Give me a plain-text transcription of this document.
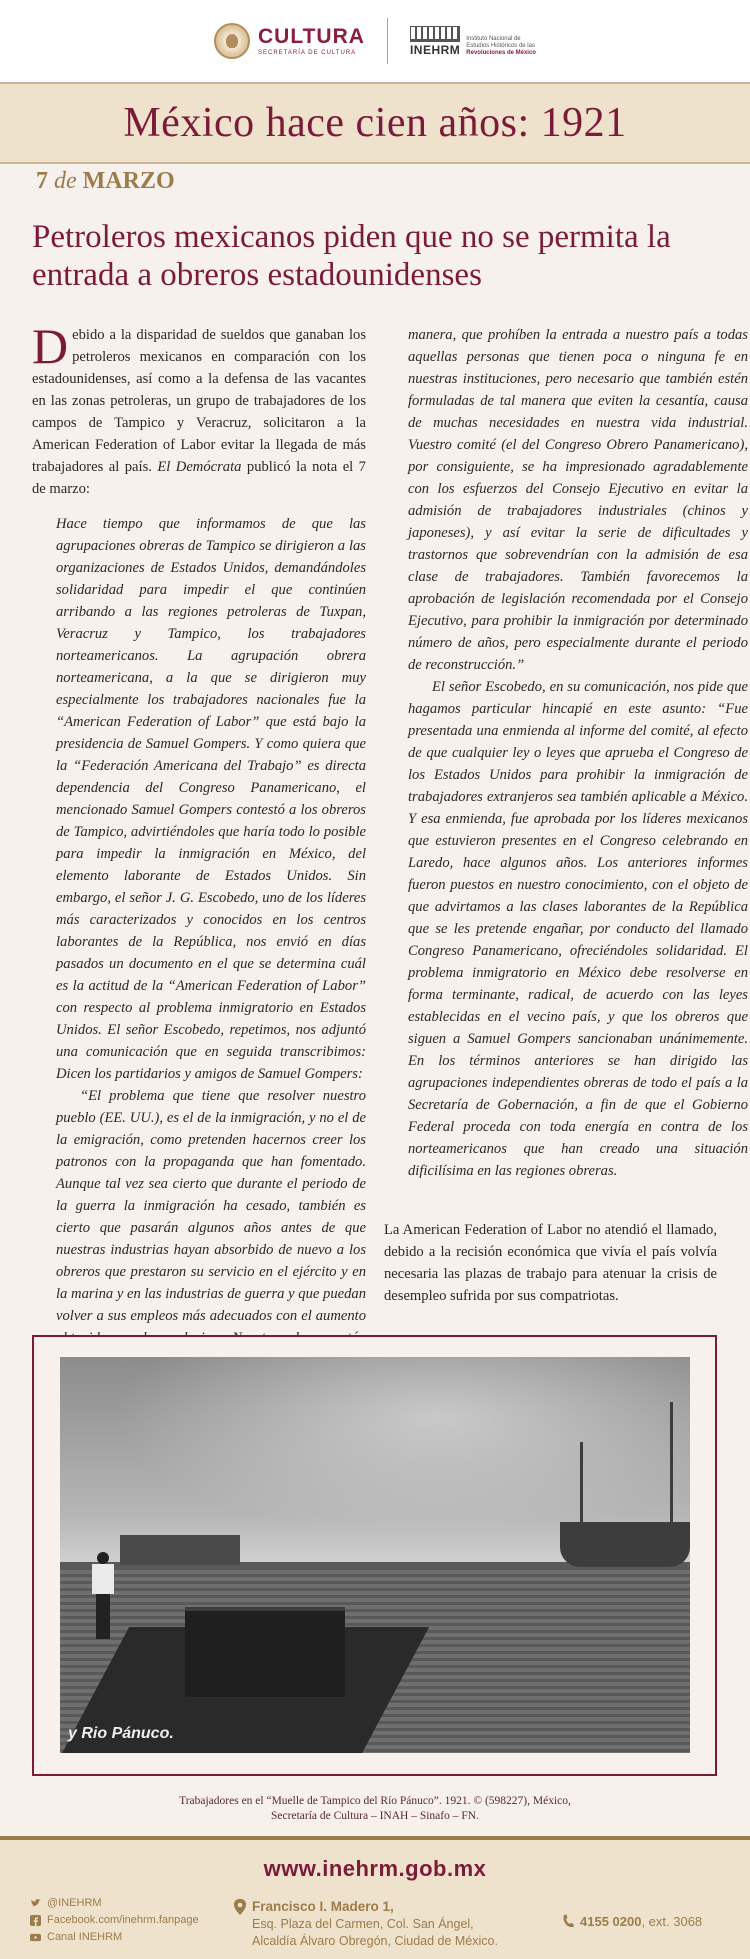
CULTURA
SECRETARÍA DE CULTURA	INEHRM
Instituto Nacional de
Estudios Históricos de las
Revoluciones de México
México hace cien años: 1921
7 de MARZO
Petroleros mexicanos piden que no se permita la entrada a obreros estadounidenses

Debido a la disparidad de sueldos que ganaban los petroleros mexicanos en comparación con los estadounidenses, así como a la defensa de las vacantes en las zonas petroleras, un grupo de trabajadores de los campos de Tampico y Veracruz, solicitaron a la American Federation of Labor evitar la llegada de más trabajadores al país. El Demócrata publicó la nota el 7 de marzo:

Hace tiempo que informamos de que las agrupaciones obreras de Tampico se dirigieron a las organizaciones de Estados Unidos, demandándoles solidaridad para impedir el que continúen arribando a las regiones petroleras de Tuxpan, Veracruz y Tampico, los trabajadores norteamericanos. La agrupación obrera norteamericana, a la que se dirigieron muy especialmente los trabajadores nacionales fue la “American Federation of Labor” que está bajo la presidencia de Samuel Gompers. Y como quiera que la “Federación Americana del Trabajo” es directa dependencia del Congreso Panamericano, el mencionado Samuel Gompers contestó a los obreros de Tampico, advirtiéndoles que haría todo lo posible para impedir la inmigración en México, del elemento laborante de Estados Unidos. Sin embargo, el señor J. G. Escobedo, uno de los líderes más caracterizados y conocidos en los centros laborantes de la República, nos envió en días pasados un documento en el que se determina cuál es la actitud de la “American Federation of Labor” con respecto al problema inmigratorio en Estados Unidos. El señor Escobedo, repetimos, nos adjuntó una comunicación que en seguida transcribimos: Dicen los partidarios y amigos de Samuel Gompers:

“El problema que tiene que resolver nuestro pueblo (EE. UU.), es el de la inmigración, y no el de la emigración, como pretenden hacernos creer los patronos con la propaganda que han fomentado. Aunque tal vez sea cierto que durante el periodo de la guerra la inmigración ha cesado, también es cierto que pasarán algunos años antes de que nuestras industrias hayan absorbido de nuevo a los obreros que prestaron su servicio en el ejército y en la marina y en las industrias de guerra y que puedan volver a sus empleos más adecuados con el aumento

manera, que prohíben la entrada a nuestro país a todas aquellas personas que tienen poca o ninguna fe en nuestras instituciones, pero necesario que también estén formuladas de tal manera que eviten la cesantía, causa de muchas necesidades en nuestra vida industrial. Vuestro comité (el del Congreso Obrero Panamericano), por consiguiente, se ha impresionado agradablemente con los esfuerzos del Consejo Ejecutivo en evitar la admisión de trabajadores industriales (chinos y japoneses), y así evitar la serie de dificultades y trastornos que sobrevendrían con la admisión de esa clase de trabajadores. También favorecemos la aprobación de legislación recomendada por el Consejo Ejecutivo, para prohibir la inmigración por determinado número de años, pero especialmente durante el periodo de reconstrucción.”

El señor Escobedo, en su comunicación, nos pide que hagamos particular hincapié en este asunto: “Fue presentada una enmienda al informe del comité, al efecto de que cualquier ley o leyes que aprueba el Congreso de los Estados Unidos para prohibir la inmigración de trabajadores extranjeros sea también aplicable a México. Y esa enmienda, fue aprobada por los líderes mexicanos que estuvieron presentes en el Congreso celebrando en Laredo, hace algunos años. Los anteriores informes fueron puestos en nuestro conocimiento, con el objeto de que advirtamos a las clases laborantes de la República que se les pretende engañar, por conducto del llamado Congreso Panamericano, ofreciéndoles solidaridad. El problema inmigratorio en México debe resolverse en forma terminante, radical, de acuerdo con las leyes establecidas en el vecino país, y que los obreros que siguen a Samuel Gompers sancionaban unánimemente. En los términos anteriores se han dirigido las agrupaciones independientes obreras de todo el país a la Secretaría de Gobernación, a fin de que el Gobierno Federal proceda con toda energía en contra de los norteamericanos que han creado una situación dificilísima en las regiones obreras.

La American Federation of Labor no atendió el llamado, debido a la recisión económica que vivía el país volvía necesaria las plazas de trabajo para atenuar la crisis de desempleo sufrida por sus compatriotas.

y Rio Pánuco.
Trabajadores en el “Muelle de Tampico del Río Pánuco”. 1921. © (598227), México,
Secretaría de Cultura – INAH – Sinafo – FN.
www.inehrm.gob.mx
@INEHRM
Facebook.com/inehrm.fanpage
Canal INEHRM
Francisco I. Madero 1,
Esq. Plaza del Carmen, Col. San Ángel,
Alcaldía Álvaro Obregón, Ciudad de México.
4155 0200, ext. 3068
